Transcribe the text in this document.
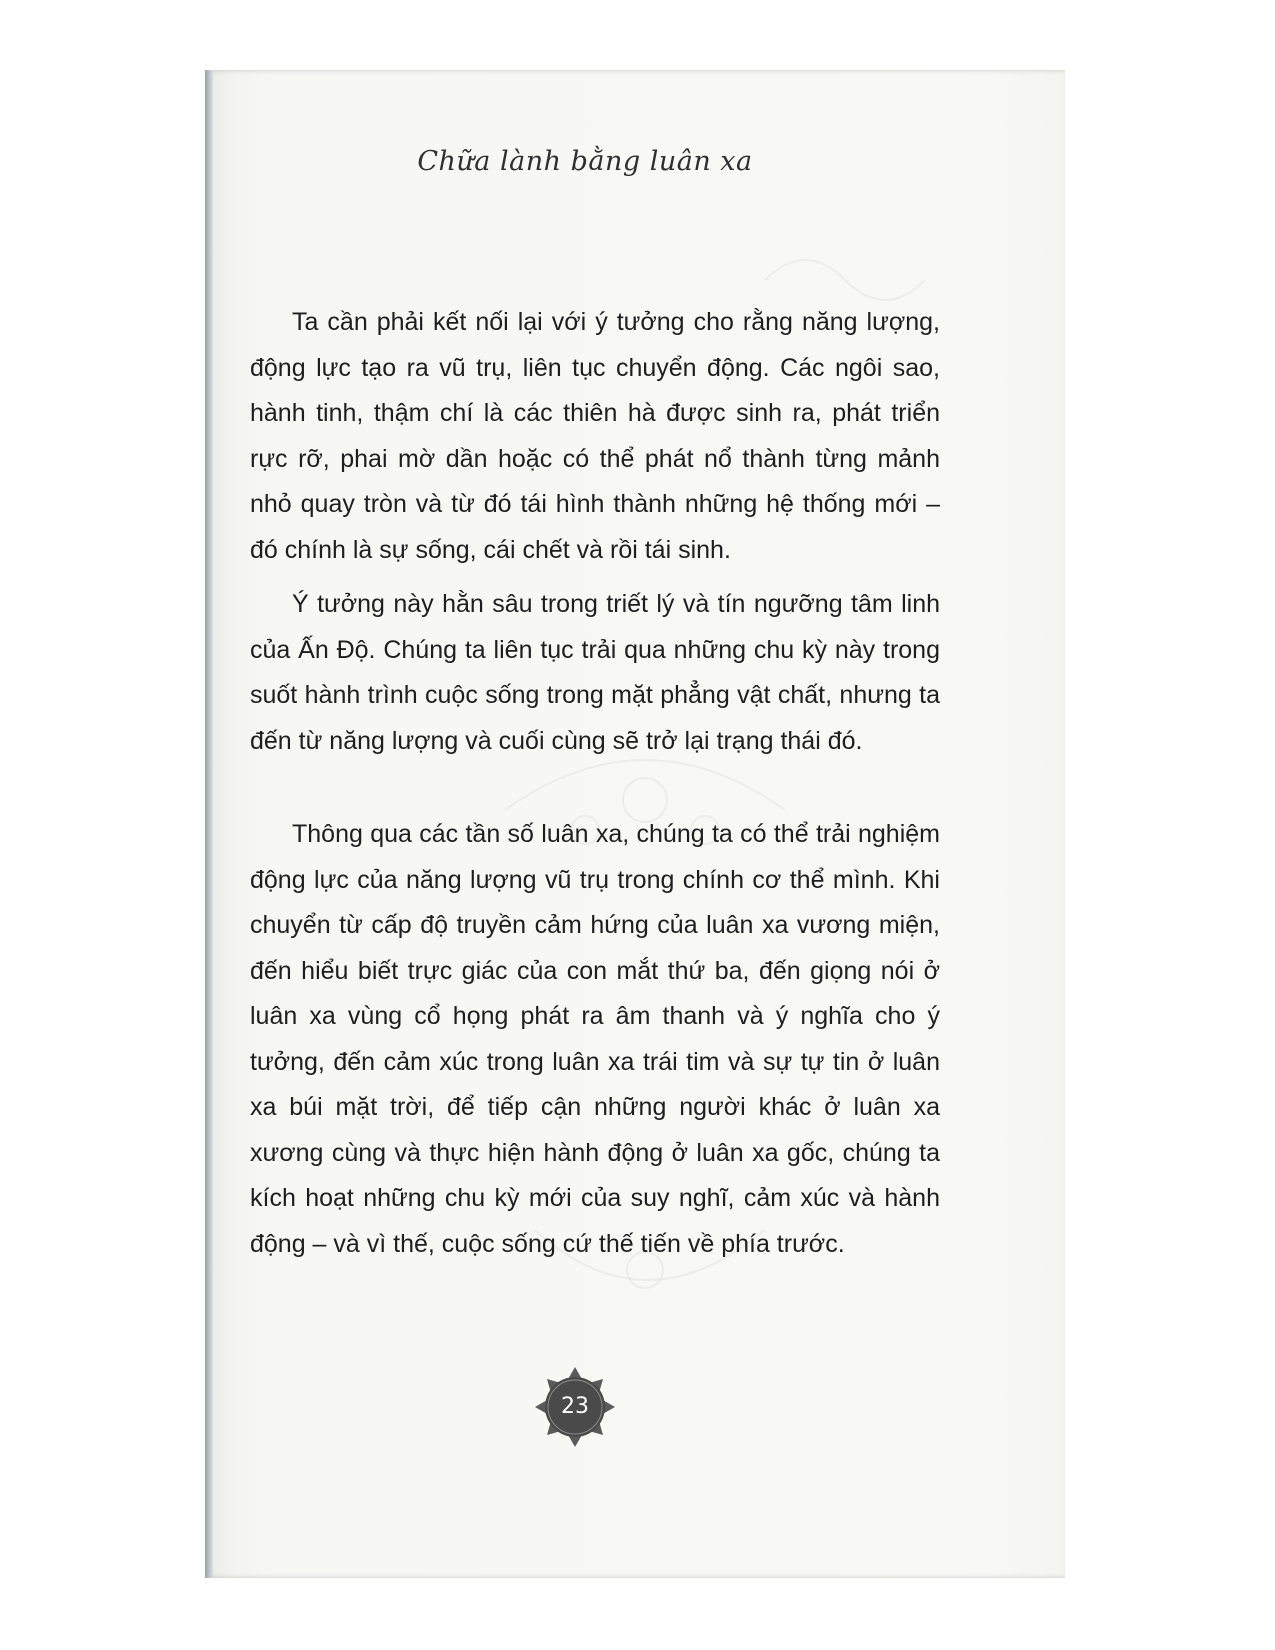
Chữa lành bằng luân xa

Ta cần phải kết nối lại với ý tưởng cho rằng năng lượng, động lực tạo ra vũ trụ, liên tục chuyển động. Các ngôi sao, hành tinh, thậm chí là các thiên hà được sinh ra, phát triển rực rỡ, phai mờ dần hoặc có thể phát nổ thành từng mảnh nhỏ quay tròn và từ đó tái hình thành những hệ thống mới – đó chính là sự sống, cái chết và rồi tái sinh.

Ý tưởng này hằn sâu trong triết lý và tín ngưỡng tâm linh của Ấn Độ. Chúng ta liên tục trải qua những chu kỳ này trong suốt hành trình cuộc sống trong mặt phẳng vật chất, nhưng ta đến từ năng lượng và cuối cùng sẽ trở lại trạng thái đó.

Thông qua các tần số luân xa, chúng ta có thể trải nghiệm động lực của năng lượng vũ trụ trong chính cơ thể mình. Khi chuyển từ cấp độ truyền cảm hứng của luân xa vương miện, đến hiểu biết trực giác của con mắt thứ ba, đến giọng nói ở luân xa vùng cổ họng phát ra âm thanh và ý nghĩa cho ý tưởng, đến cảm xúc trong luân xa trái tim và sự tự tin ở luân xa búi mặt trời, để tiếp cận những người khác ở luân xa xương cùng và thực hiện hành động ở luân xa gốc, chúng ta kích hoạt những chu kỳ mới của suy nghĩ, cảm xúc và hành động – và vì thế, cuộc sống cứ thế tiến về phía trước.

23
